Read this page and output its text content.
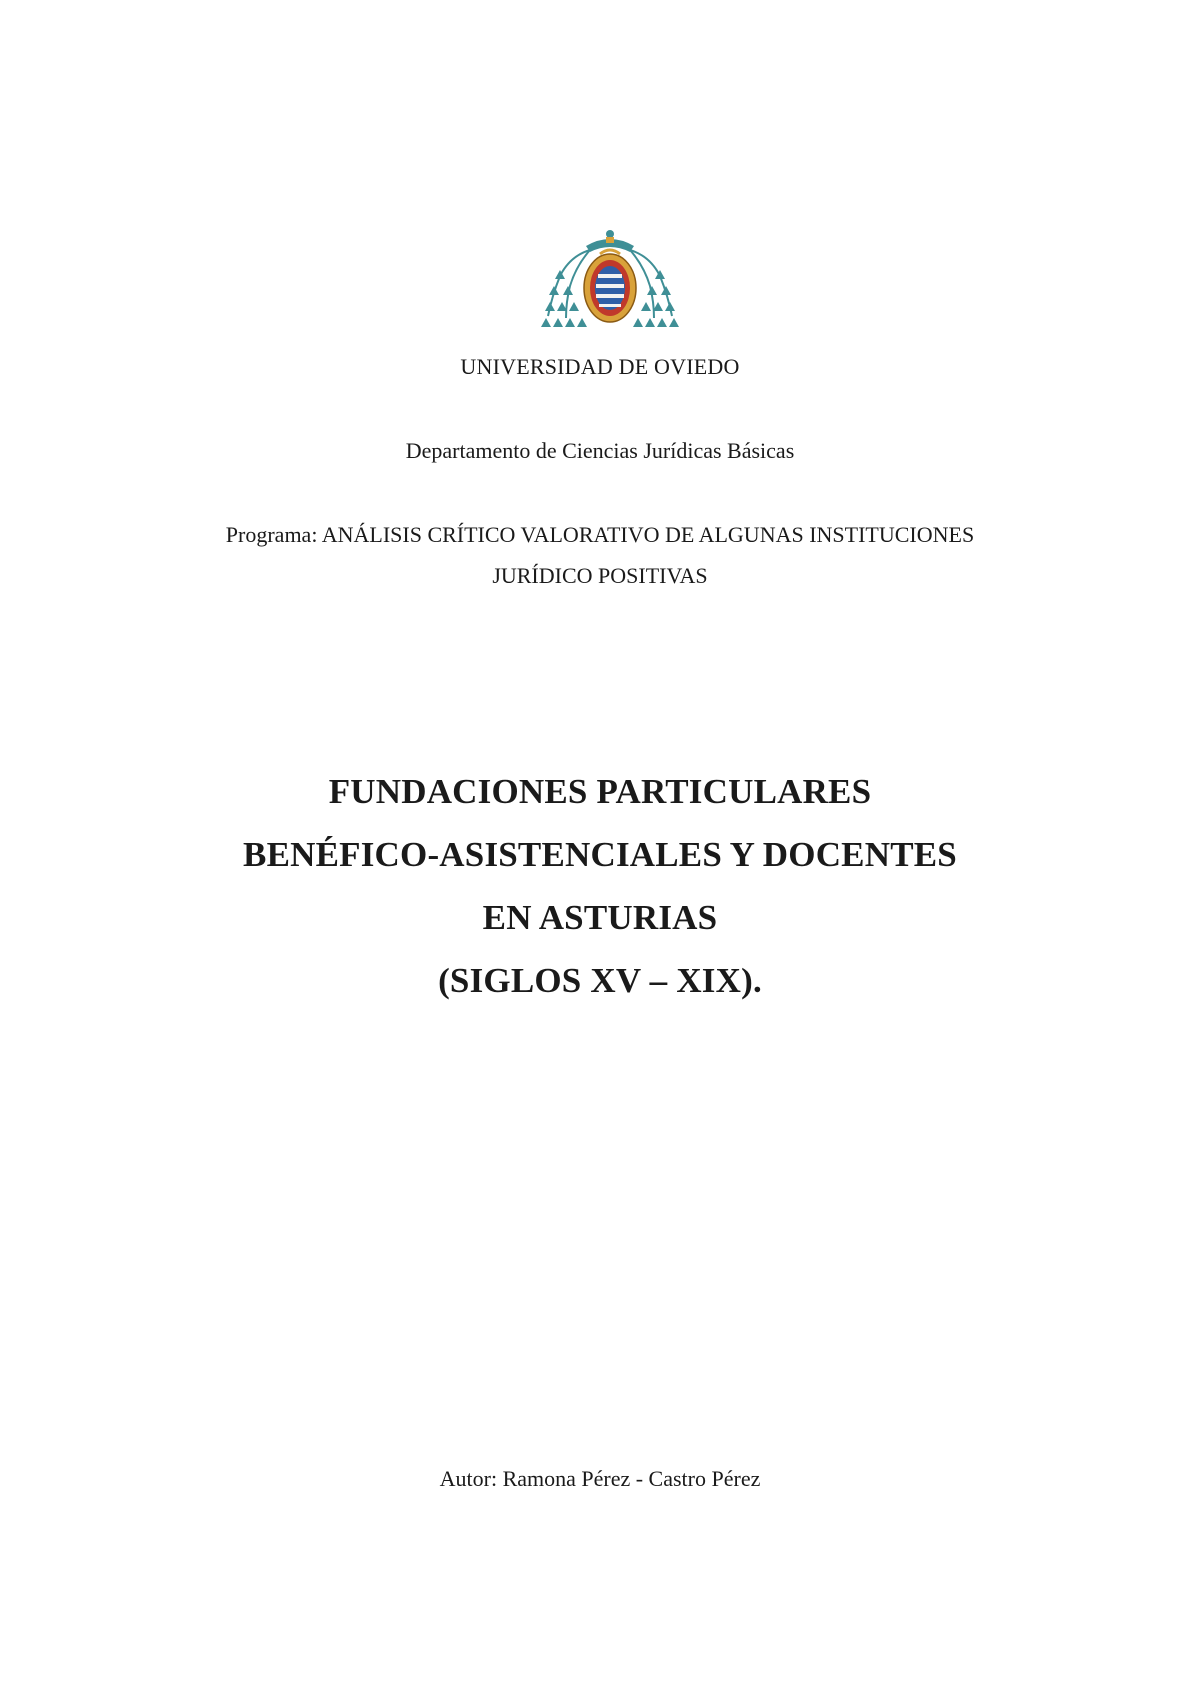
UNIVERSIDAD DE OVIEDO
Departamento de Ciencias Jurídicas Básicas
Programa: ANÁLISIS CRÍTICO VALORATIVO DE ALGUNAS INSTITUCIONES
JURÍDICO POSITIVAS
FUNDACIONES PARTICULARES
BENÉFICO-ASISTENCIALES Y DOCENTES
EN ASTURIAS
(SIGLOS XV – XIX).
Autor: Ramona Pérez - Castro Pérez
